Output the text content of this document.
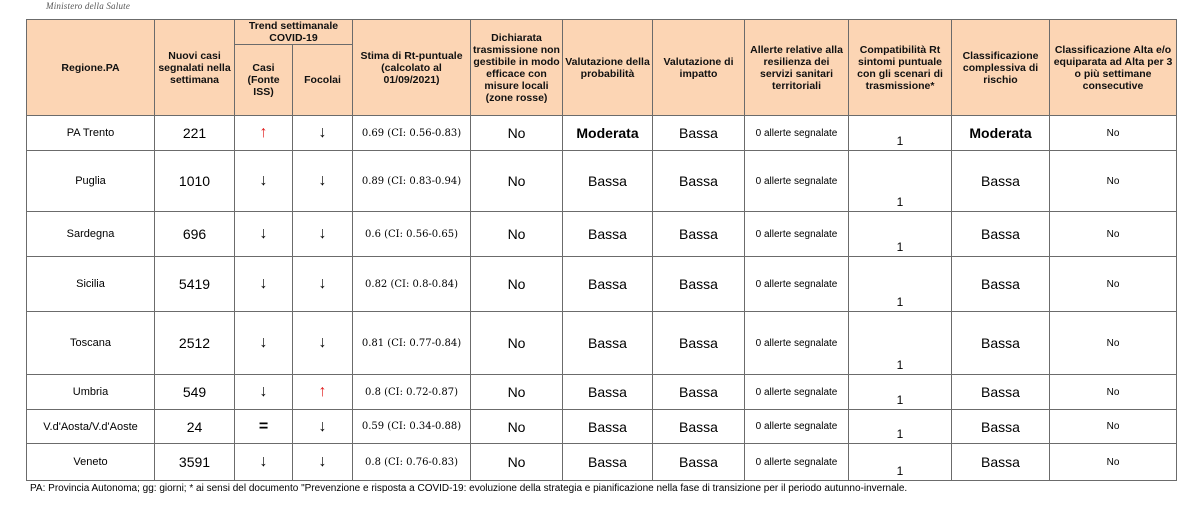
Ministero della Salute
Regione.PA	Nuovi casi segnalati nella settimana	Trend settimanale COVID-19		Stima di Rt-puntuale (calcolato al 01/09/2021)	Dichiarata trasmissione non gestibile in modo efficace con misure locali (zone rosse)	Valutazione della probabilità	Valutazione di impatto	Allerte relative alla resilienza dei servizi sanitari territoriali	Compatibilità Rt sintomi puntuale con gli scenari di trasmissione*	Classificazione complessiva di rischio	Classificazione Alta e/o equiparata ad Alta per 3 o più settimane consecutive
		Casi (Fonte ISS)	Focolai								
PA Trento	221	↑	↓	0.69 (CI: 0.56-0.83)	No	Moderata	Bassa	0 allerte segnalate	1	Moderata	No
Puglia	1010	↓	↓	0.89 (CI: 0.83-0.94)	No	Bassa	Bassa	0 allerte segnalate	1	Bassa	No
Sardegna	696	↓	↓	0.6 (CI: 0.56-0.65)	No	Bassa	Bassa	0 allerte segnalate	1	Bassa	No
Sicilia	5419	↓	↓	0.82 (CI: 0.8-0.84)	No	Bassa	Bassa	0 allerte segnalate	1	Bassa	No
Toscana	2512	↓	↓	0.81 (CI: 0.77-0.84)	No	Bassa	Bassa	0 allerte segnalate	1	Bassa	No
Umbria	549	↓	↑	0.8 (CI: 0.72-0.87)	No	Bassa	Bassa	0 allerte segnalate	1	Bassa	No
V.d'Aosta/V.d'Aoste	24	=	↓	0.59 (CI: 0.34-0.88)	No	Bassa	Bassa	0 allerte segnalate	1	Bassa	No
Veneto	3591	↓	↓	0.8 (CI: 0.76-0.83)	No	Bassa	Bassa	0 allerte segnalate	1	Bassa	No
PA: Provincia Autonoma; gg: giorni; * ai sensi del documento "Prevenzione e risposta a COVID-19: evoluzione della strategia e pianificazione nella fase di transizione per il periodo autunno-invernale.
